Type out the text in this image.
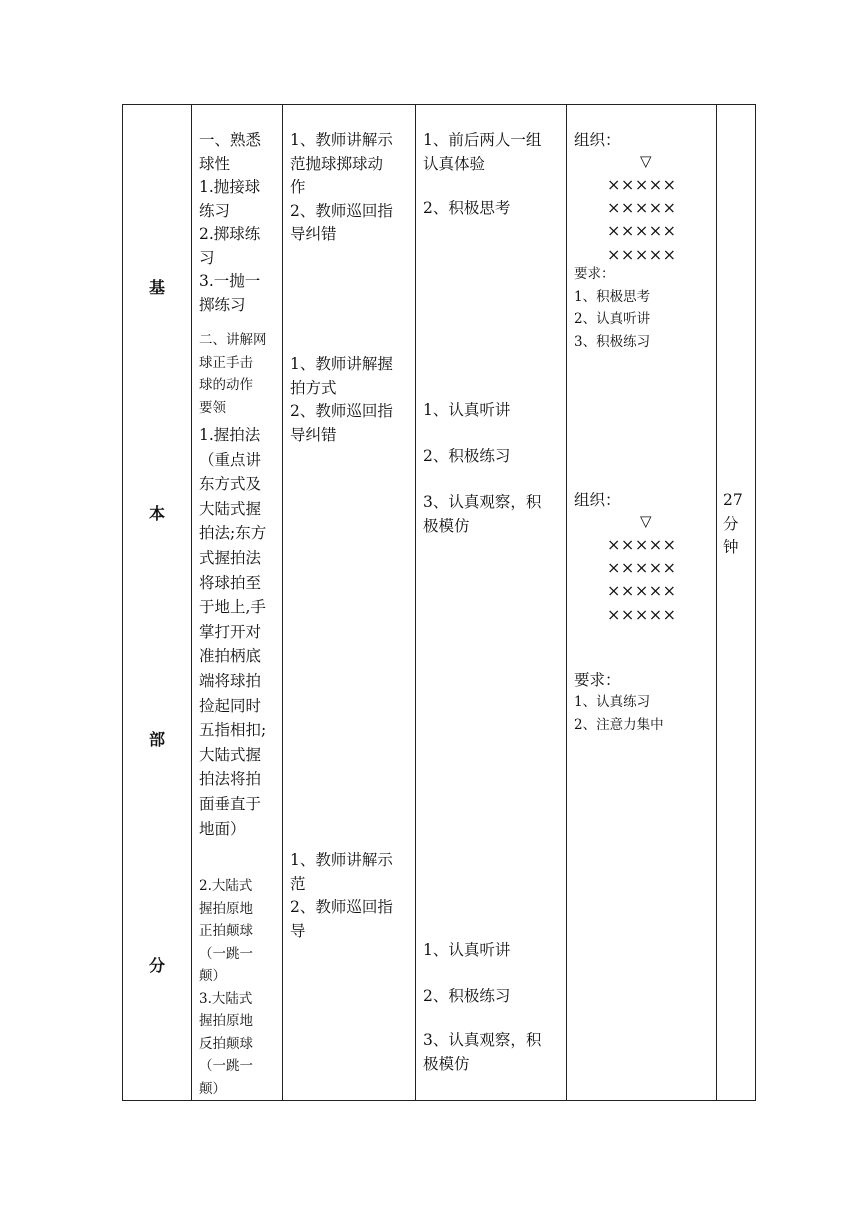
基
本
部
分
一、熟悉
球性
1.抛接球
练习
2.掷球练
习
3.一抛一
掷练习
二、讲解网
球正手击
球的动作
要领
1.握拍法
（重点讲
东方式及
大陆式握
拍法;东方
式握拍法
将球拍至
于地上,手
掌打开对
准拍柄底
端将球拍
捡起同时
五指相扣;
大陆式握
拍法将拍
面垂直于
地面）
2.大陆式
握拍原地
正拍颠球
（一跳一
颠）
3.大陆式
握拍原地
反拍颠球
（一跳一
颠）
1、教师讲解示
范抛球掷球动
作
2、教师巡回指
导纠错
1、教师讲解握
拍方式
2、教师巡回指
导纠错
1、教师讲解示
范
2、教师巡回指
导
1、前后两人一组
认真体验
2、积极思考
1、认真听讲
2、积极练习
3、认真观察，积
极模仿
1、认真听讲
2、积极练习
3、认真观察，积
极模仿
组织：
▽
×××××
×××××
×××××
×××××
要求：
1、积极思考
2、认真听讲
3、积极练习
组织：
▽
×××××
×××××
×××××
×××××
要求：
1、认真练习
2、注意力集中
27
分
钟
